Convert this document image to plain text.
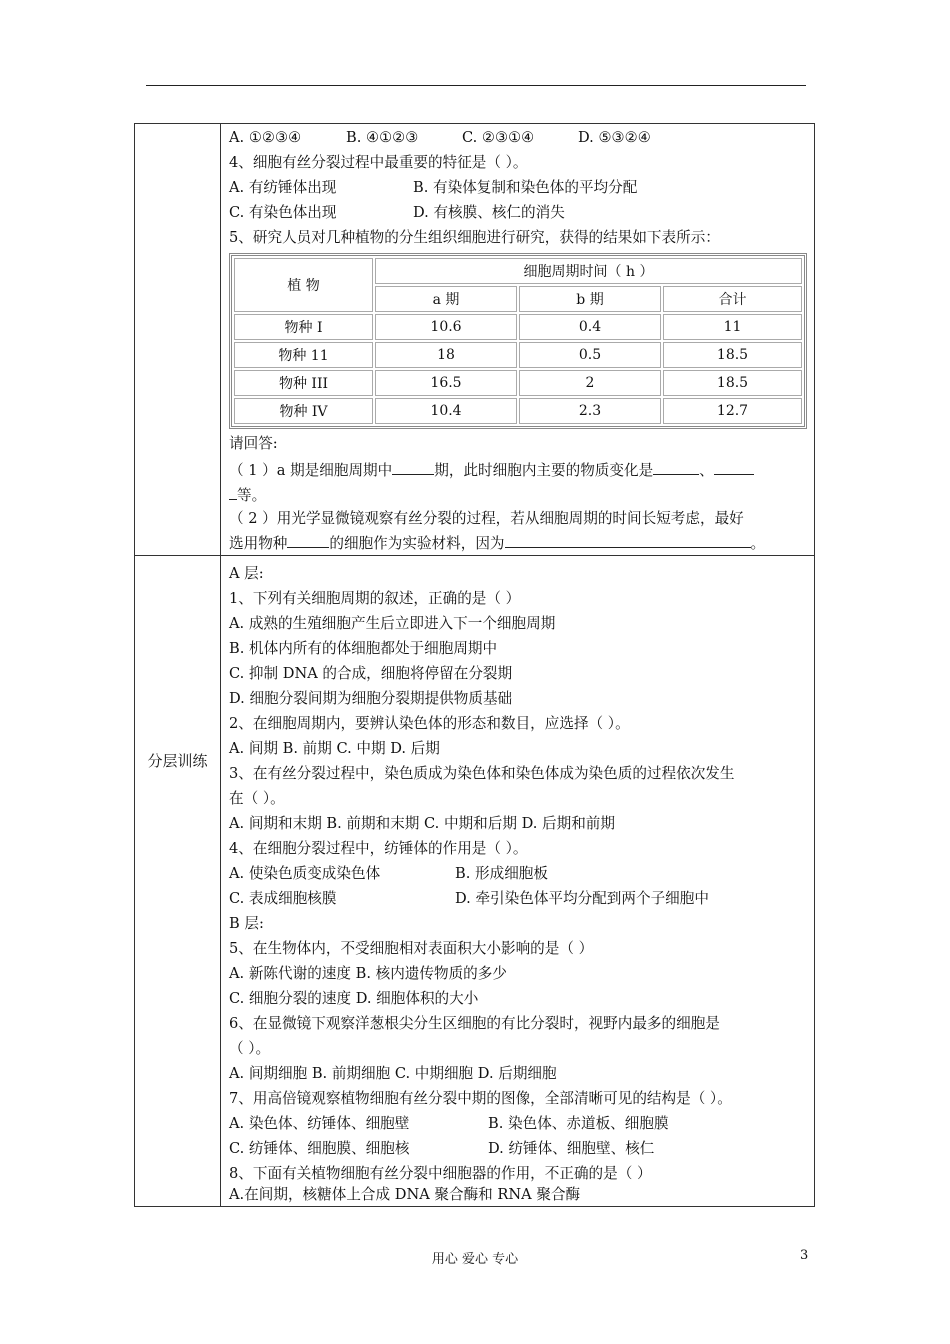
A. ①②③④	B. ④①②③	C. ②③①④	D. ⑤③②④
4、细胞有丝分裂过程中最重要的特征是（ ）。
A. 有纺锤体出现	B. 有染体复制和染色体的平均分配
C. 有染色体出现	D. 有核膜、核仁的消失
5、研究人员对几种植物的分生组织细胞进行研究，获得的结果如下表所示：
植 物	细胞周期时间（ h ）		
	a 期	b 期	合计
物种 I	10.6	0.4	11
物种 11	18	0.5	18.5
物种 III	16.5	2	18.5
物种 IV	10.4	2.3	12.7
请回答:
（ 1 ）a 期是细胞周期中	期，此时细胞内主要的物质变化是	、
等。
（ 2 ）用光学显微镜观察有丝分裂的过程，若从细胞周期的时间长短考虑，最好
选用物种	的细胞作为实验材料，因为	。
分层训练
A 层:
1、下列有关细胞周期的叙述，正确的是（ ）
A. 成熟的生殖细胞产生后立即进入下一个细胞周期
B. 机体内所有的体细胞都处于细胞周期中
C. 抑制 DNA 的合成，细胞将停留在分裂期
D. 细胞分裂间期为细胞分裂期提供物质基础
2、在细胞周期内，要辨认染色体的形态和数目，应选择（ ）。
A. 间期 B. 前期 C. 中期 D. 后期
3、在有丝分裂过程中，染色质成为染色体和染色体成为染色质的过程依次发生
在（ ）。
A. 间期和末期 B. 前期和末期 C. 中期和后期 D. 后期和前期
4、在细胞分裂过程中，纺锤体的作用是（ ）。
A. 使染色质变成染色体	B. 形成细胞板
C. 表成细胞核膜	D. 牵引染色体平均分配到两个子细胞中
B 层:
5、在生物体内，不受细胞相对表面积大小影响的是（ ）
A. 新陈代谢的速度 B. 核内遗传物质的多少
C. 细胞分裂的速度 D. 细胞体积的大小
6、在显微镜下观察洋葱根尖分生区细胞的有比分裂时，视野内最多的细胞是
（ ）。
A. 间期细胞 B. 前期细胞 C. 中期细胞 D. 后期细胞
7、用高倍镜观察植物细胞有丝分裂中期的图像，全部清晰可见的结构是（ ）。
A. 染色体、纺锤体、细胞壁	B. 染色体、赤道板、细胞膜
C. 纺锤体、细胞膜、细胞核	D. 纺锤体、细胞壁、核仁
8、下面有关植物细胞有丝分裂中细胞器的作用，不正确的是（ ）
A.在间期，核糖体上合成 DNA 聚合酶和 RNA 聚合酶
用心 爱心 专心	3
